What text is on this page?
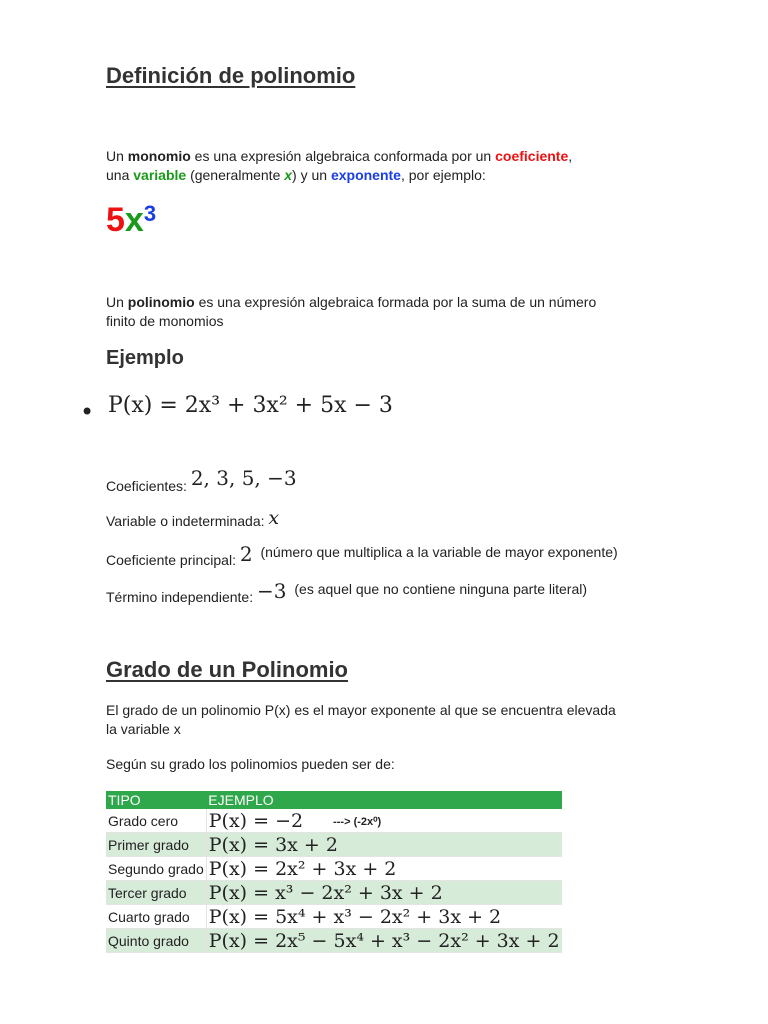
Definición de polinomio
Un monomio es una expresión algebraica conformada por un coeficiente,
una variable (generalmente x) y un exponente, por ejemplo:
$5x^3$
Un polinomio es una expresión algebraica formada por la suma de un número
finito de monomios
Ejemplo
• P(x) = 2x³ + 3x² + 5x − 3
Coeficientes: 2, 3, 5, −3
Variable o indeterminada: x
Coeficiente principal: 2 (número que multiplica a la variable de mayor exponente)
Término independiente: −3 (es aquel que no contiene ninguna parte literal)
Grado de un Polinomio
El grado de un polinomio P(x) es el mayor exponente al que se encuentra elevada
la variable x
Según su grado los polinomios pueden ser de:
TIPO	EJEMPLO
Grado cero	P(x) = −2 ---> (-2x⁰)
Primer grado	P(x) = 3x + 2
Segundo grado	P(x) = 2x² + 3x + 2
Tercer grado	P(x) = x³ − 2x² + 3x + 2
Cuarto grado	P(x) = 5x⁴ + x³ − 2x² + 3x + 2
Quinto grado	P(x) = 2x⁵ − 5x⁴ + x³ − 2x² + 3x + 2
